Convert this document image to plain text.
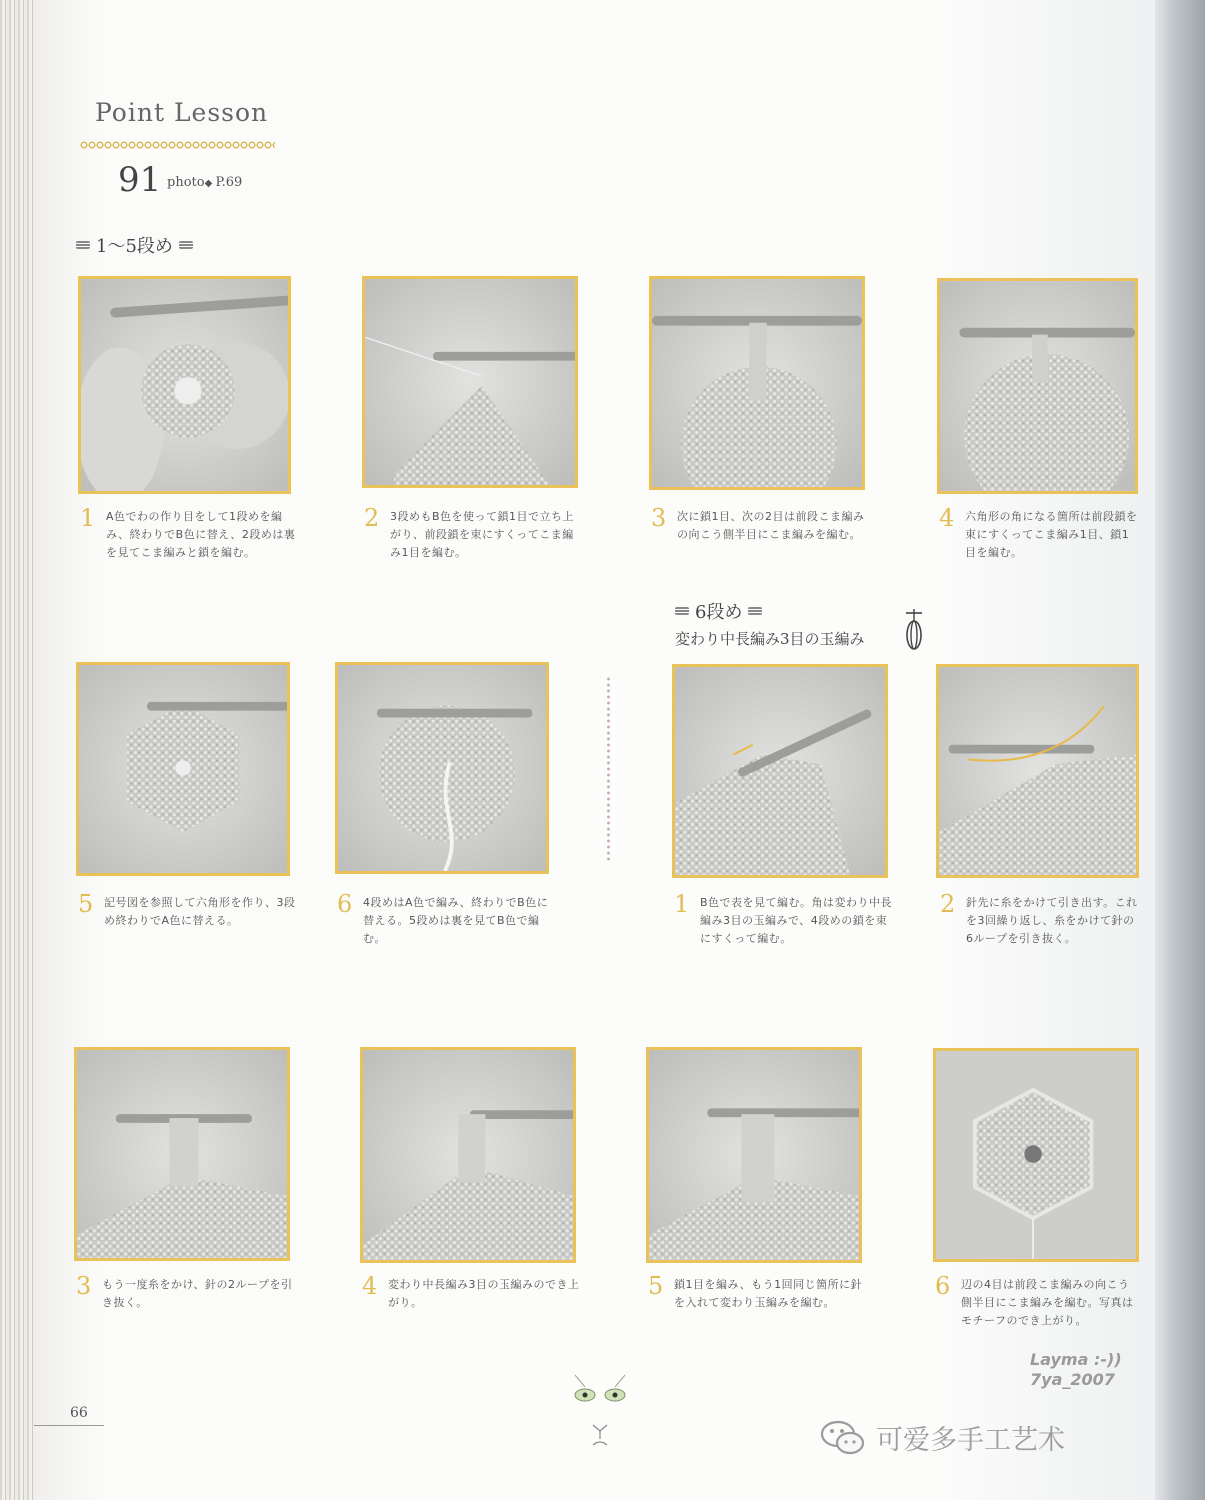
Point Lesson
91 photo◆ P.69
1～5段め
6段め
変わり中長編み3目の玉編み
1 A色でわの作り目をして1段めを編み、終わりでB色に替え、2段めは裏を見てこま編みと鎖を編む。
2 3段めもB色を使って鎖1目で立ち上がり、前段鎖を束にすくってこま編み1目を編む。
3 次に鎖1目、次の2目は前段こま編みの向こう側半目にこま編みを編む。
4 六角形の角になる箇所は前段鎖を束にすくってこま編み1目、鎖1目を編む。
5 記号図を参照して六角形を作り、3段め終わりでA色に替える。
6 4段めはA色で編み、終わりでB色に替える。5段めは裏を見てB色で編む。
1 B色で表を見て編む。角は変わり中長編み3目の玉編みで、4段めの鎖を束にすくって編む。
2 針先に糸をかけて引き出す。これを3回繰り返し、糸をかけて針の6ループを引き抜く。
3 もう一度糸をかけ、針の2ループを引き抜く。
4 変わり中長編み3目の玉編みのでき上がり。
5 鎖1目を編み、もう1回同じ箇所に針を入れて変わり玉編みを編む。
6 辺の4目は前段こま編みの向こう側半目にこま編みを編む。写真はモチーフのでき上がり。
Layma :-))
7ya_2007
66
可爱多手工艺术
